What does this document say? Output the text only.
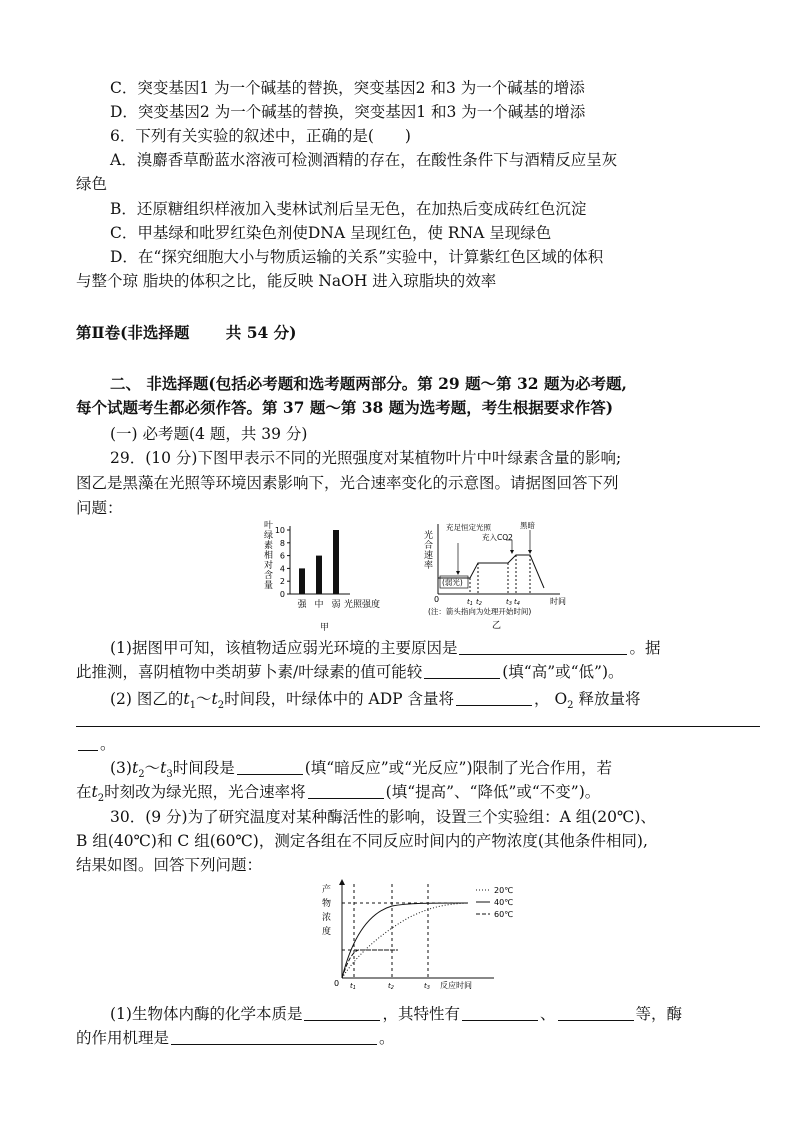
C．突变基因1 为一个碱基的替换，突变基因2 和3 为一个碱基的增添
D．突变基因2 为一个碱基的替换，突变基因1 和3 为一个碱基的增添
6．下列有关实验的叙述中，正确的是(　　)
A．溴麝香草酚蓝水溶液可检测酒精的存在，在酸性条件下与酒精反应呈灰
绿色
B．还原糖组织样液加入斐林试剂后呈无色，在加热后变成砖红色沉淀
C．甲基绿和吡罗红染色剂使DNA 呈现红色，使 RNA 呈现绿色
D．在“探究细胞大小与物质运输的关系”实验中，计算紫红色区域的体积
与整个琼 脂块的体积之比，能反映 NaOH 进入琼脂块的效率
第Ⅱ卷(非选择题　　 共 54 分)
二、 非选择题(包括必考题和选考题两部分。第 29 题～第 32 题为必考题,
每个试题考生都必须作答。第 37 题～第 38 题为选考题，考生根据要求作答)
(一) 必考题(4 题，共 39 分)
29．(10 分)下图甲表示不同的光照强度对某植物叶片中叶绿素含量的影响;
图乙是黑藻在光照等环境因素影响下，光合速率变化的示意图。请据图回答下列
问题：
叶
绿
素
相
对
含
量
0
2
4
6
8
10
强 中 弱 光照强度
甲
光
合
速
率
0
(弱光)
充足恒定光照
充入CO2
黑暗
t1 t2	t3 t4	时间
(注：箭头指向为处理开始时间)
乙
(1)据图甲可知，该植物适应弱光环境的主要原因是	。据
此推测，喜阴植物中类胡萝卜素/叶绿素的值可能较	(填“高”或“低”)。
(2) 图乙的$t_1\sim t_2$时间段，叶绿体中的 ADP 含量将	， $O_2$ 释放量将
。
$(3)t_2\sim t_3$时间段是	(填“暗反应”或“光反应”)限制了光合作用，若
在$t_2$时刻改为绿光照，光合速率将	(填“提高”、“降低”或“不变”)。
30．(9 分)为了研究温度对某种酶活性的影响，设置三个实验组：A 组(20℃)、
B 组(40℃)和 C 组(60℃)，测定各组在不同反应时间内的产物浓度(其他条件相同),
结果如图。回答下列问题：
产
物
浓
度
0 t1	t2	t3 反应时间
20℃
40℃
60℃
(1)生物体内酶的化学本质是	，其特性有	、	等，酶
的作用机理是	。
